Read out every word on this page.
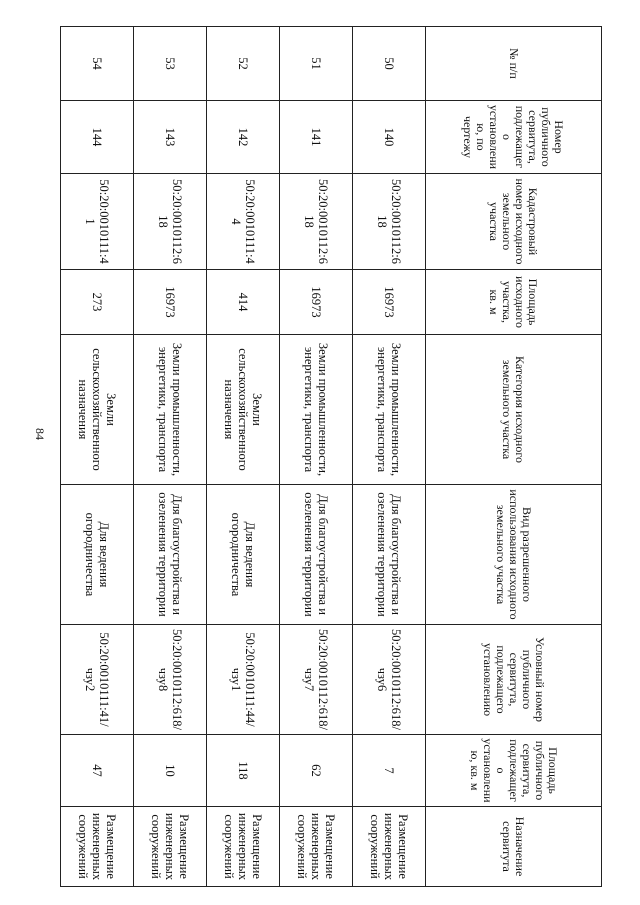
84
№ п/п	Номер публичного сервитута, подлежащего установлению, по чертежу	Кадастровый номер исходного земельного участка	Площадь исходного участка, кв. м	Категория исходного земельного участка	Вид разрешенного использования исходного земельного участка	Условный номер публичного сервитута, подлежащего установлению	Площадь публичного сервитута, подлежащего установлению, кв. м	Назначение сервитута
50	140	50:20:0010112:618	16973	Земли промышленности, энергетики, транспорта	Для благоустройства и озеленения территории	50:20:0010112:618/чзу6	7	Размещение инженерных сооружений
51	141	50:20:0010112:618	16973	Земли промышленности, энергетики, транспорта	Для благоустройства и озеленения территории	50:20:0010112:618/чзу7	62	Размещение инженерных сооружений
52	142	50:20:0010111:44	414	Земли сельскохозяйственного назначения	Для ведения огородничества	50:20:0010111:44/чзу1	118	Размещение инженерных сооружений
53	143	50:20:0010112:618	16973	Земли промышленности, энергетики, транспорта	Для благоустройства и озеленения территории	50:20:0010112:618/чзу8	10	Размещение инженерных сооружений
54	144	50:20:0010111:41	273	Земли сельскохозяйственного назначения	Для ведения огородничества	50:20:0010111:41/чзу2	47	Размещение инженерных сооружений
